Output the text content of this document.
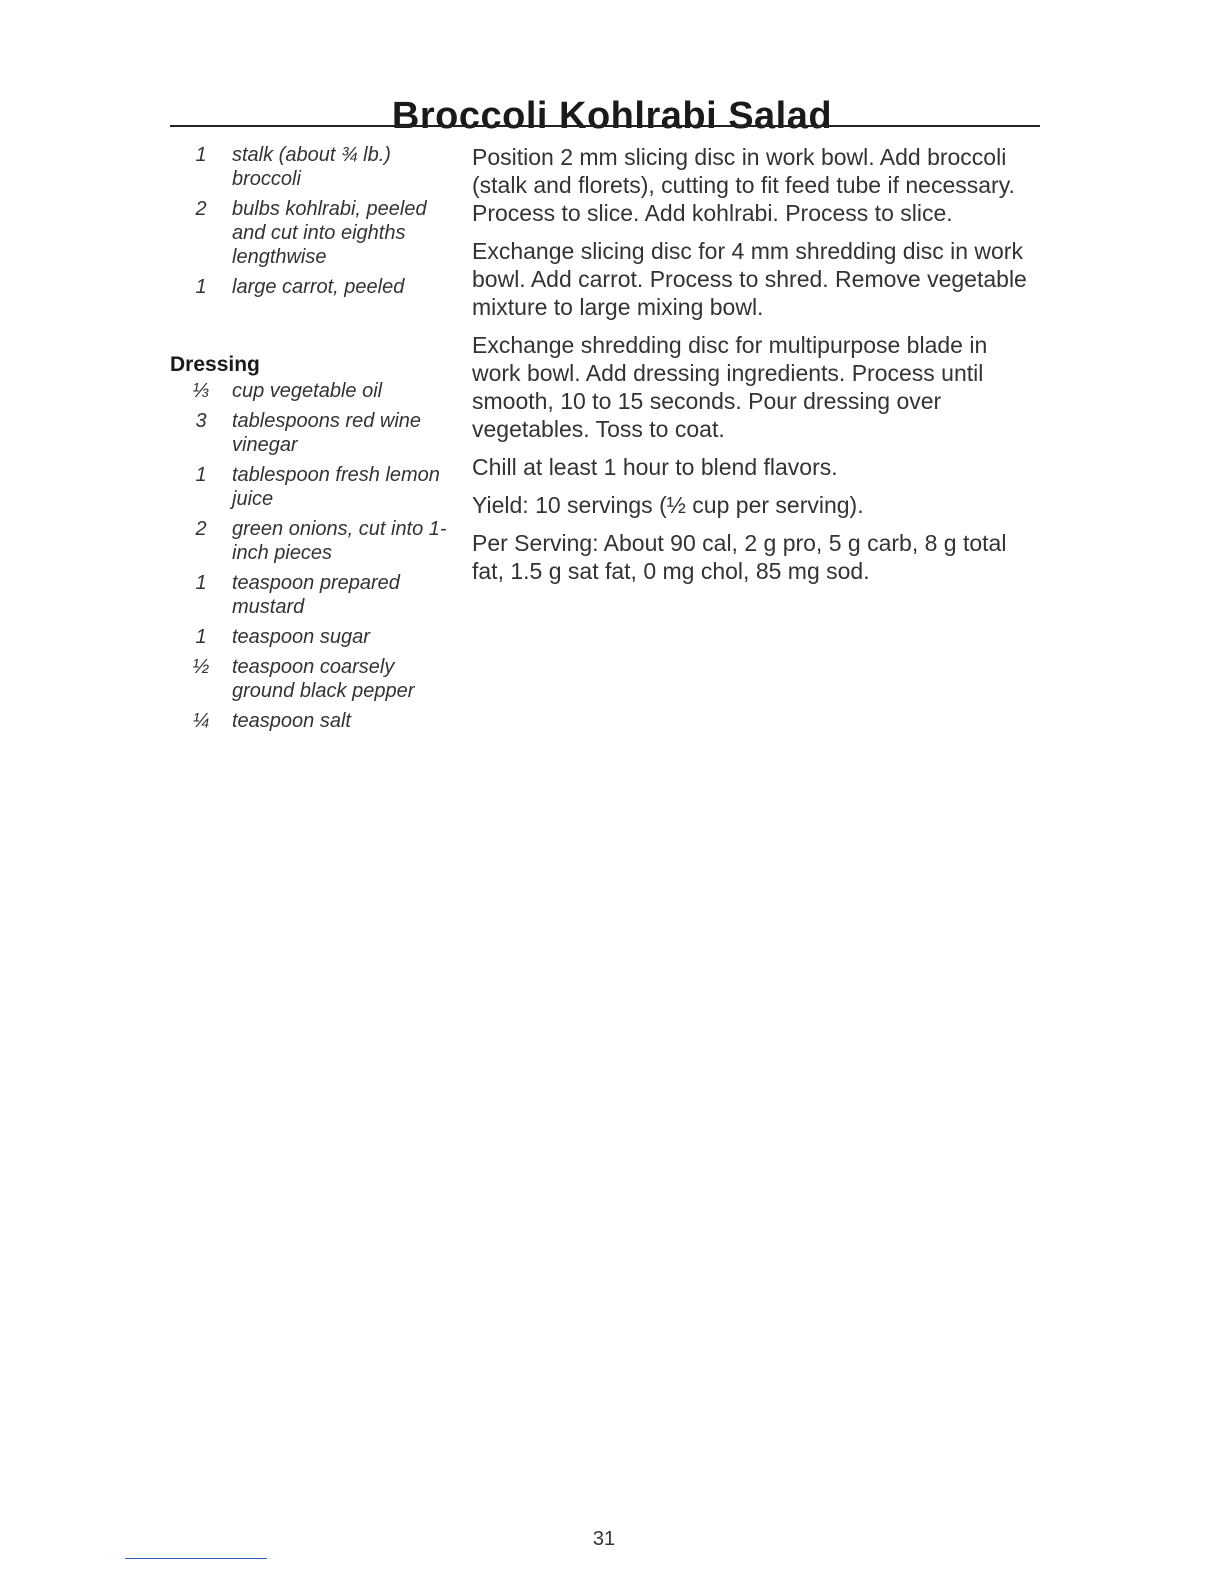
Broccoli Kohlrabi Salad
1	stalk (about ¾ lb.) broccoli
2	bulbs kohlrabi, peeled and cut into eighths lengthwise
1	large carrot, peeled
Dressing
⅓	cup vegetable oil
3	tablespoons red wine vinegar
1	tablespoon fresh lemon juice
2	green onions, cut into 1-inch pieces
1	teaspoon prepared mustard
1	teaspoon sugar
½	teaspoon coarsely ground black pepper
¼	teaspoon salt

Position 2 mm slicing disc in work bowl. Add broccoli (stalk and florets), cutting to fit feed tube if necessary. Process to slice. Add kohlrabi. Process to slice.

Exchange slicing disc for 4 mm shredding disc in work bowl. Add carrot. Process to shred. Remove vegetable mixture to large mixing bowl.

Exchange shredding disc for multipurpose blade in work bowl. Add dressing ingredients. Process until smooth, 10 to 15 seconds. Pour dressing over vegetables. Toss to coat.

Chill at least 1 hour to blend flavors.

Yield: 10 servings (½ cup per serving).

Per Serving: About 90 cal, 2 g pro, 5 g carb, 8 g total fat, 1.5 g sat fat, 0 mg chol, 85 mg sod.

31
